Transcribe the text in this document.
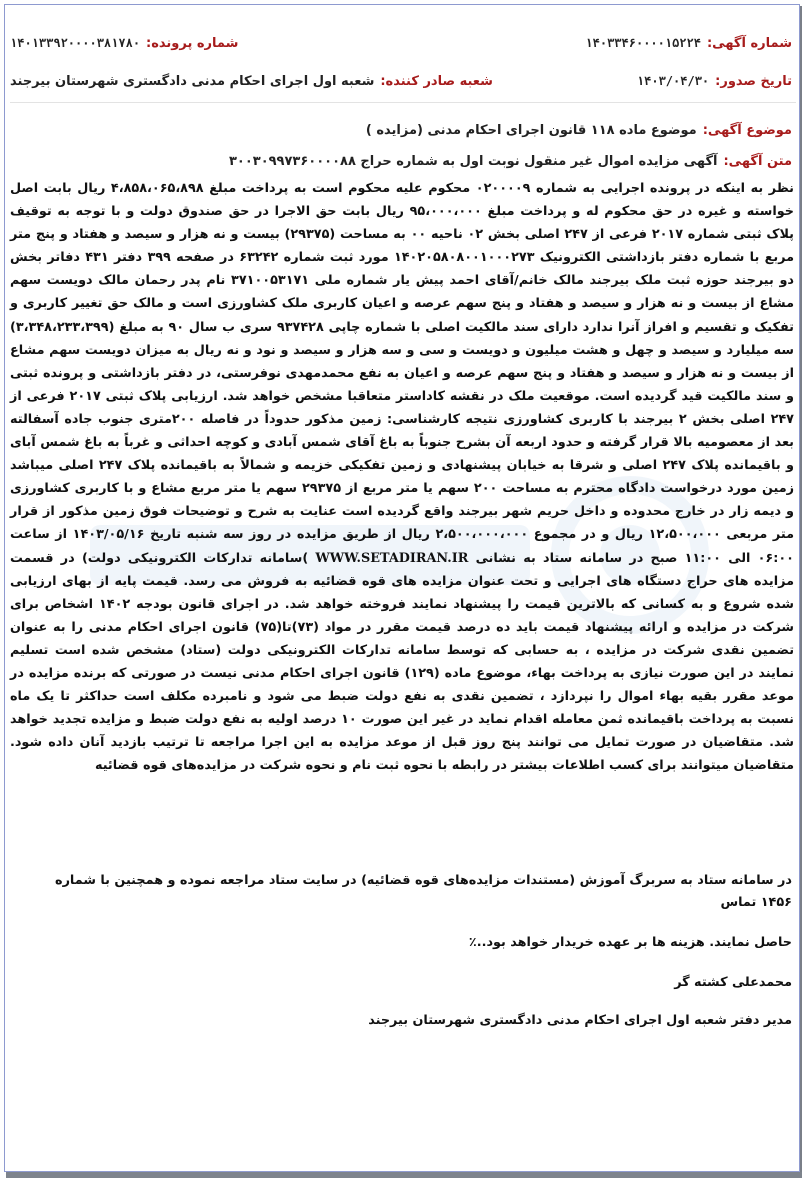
شماره آگهی:
۱۴۰۳۳۴۶۰۰۰۰۱۵۲۲۴
شماره پرونده:
۱۴۰۱۳۳۹۲۰۰۰۰۳۸۱۷۸۰
تاریخ صدور:
۱۴۰۳/۰۴/۳۰
شعبه صادر کننده:
شعبه اول اجرای احکام مدنی دادگستری شهرستان بیرجند
موضوع آگهی:
موضوع ماده ۱۱۸ قانون اجرای احکام مدنی (مزایده )
متن آگهی:
آگهی مزایده اموال غیر منقول نوبت اول به شماره حراج ۳۰۰۳۰۹۹۷۳۶۰۰۰۰۸۸
نظر به اینکه در پرونده اجرایی به شماره ۰۲۰۰۰۰۹ محکوم علیه محکوم است به پرداخت مبلغ ۴،۸۵۸،۰۶۵،۸۹۸ ریال بابت اصل خواسته و غیره در حق محکوم له و پرداخت مبلغ ۹۵،۰۰۰،۰۰۰ ریال بابت حق الاجرا در حق صندوق دولت و با توجه به توقیف پلاک ثبتی شماره ۲۰۱۷ فرعی از ۲۴۷ اصلی بخش ۰۲ ناحیه ۰۰ به مساحت (۲۹۳۷۵) بیست و نه هزار و سیصد و هفتاد و پنج متر مربع با شماره دفتر بازداشتی الکترونیک ۱۴۰۲۰۵۸۰۸۰۰۱۰۰۰۲۷۳ مورد ثبت شماره ۶۳۲۴۲ در صفحه ۳۹۹ دفتر ۴۳۱ دفاتر بخش دو بیرجند حوزه ثبت ملک بیرجند مالک خانم/آقای احمد پیش یار شماره ملی ۳۷۱۰۰۵۳۱۷۱ نام پدر رحمان مالک دویست سهم مشاع از بیست و نه هزار و سیصد و هفتاد و پنج سهم عرصه و اعیان کاربری ملک کشاورزی است و مالک حق تغییر کاربری و تفکیک و تقسیم و افراز آنرا ندارد دارای سند مالکیت اصلی با شماره چاپی ۹۳۷۴۲۸ سری ب سال ۹۰ به مبلغ (۳،۳۴۸،۲۳۳،۳۹۹) سه میلیارد و سیصد و چهل و هشت میلیون و دویست و سی و سه هزار و سیصد و نود و نه ریال به میزان دویست سهم مشاع از بیست و نه هزار و سیصد و هفتاد و پنج سهم عرصه و اعیان به نفع محمدمهدی نوفرستی، در دفتر بازداشتی و پرونده ثبتی و سند مالکیت قید گردیده است. موقعیت ملک در نقشه کاداستر متعاقبا مشخص خواهد شد. ارزیابی پلاک ثبتی ۲۰۱۷ فرعی از ۲۴۷ اصلی بخش ۲ بیرجند با کاربری کشاورزی نتیجه کارشناسی: زمین مذکور حدوداً در فاصله ۲۰۰متری جنوب جاده آسفالته بعد از معصومیه بالا قرار گرفته و حدود اربعه آن بشرح جنوباً به باغ آقای شمس آبادی و کوچه احداثی و غرباً به باغ شمس آبای و باقیمانده پلاک ۲۴۷ اصلی و شرقا به خیابان پیشنهادی و زمین تفکیکی خزیمه و شمالاً به باقیمانده پلاک ۲۴۷ اصلی میباشد زمین مورد درخواست دادگاه محترم به مساحت ۲۰۰ سهم یا متر مربع از ۲۹۳۷۵ سهم یا متر مربع مشاع و با کاربری کشاورزی و دیمه زار در خارج محدوده و داخل حریم شهر بیرجند واقع گردیده است عنایت به شرح و توضیحات فوق زمین مذکور از قرار متر مربعی ۱۲،۵۰۰،۰۰۰ ریال و در مجموع ۲،۵۰۰،۰۰۰،۰۰۰ ریال از طریق مزایده در روز سه شنبه تاریخ ۱۴۰۳/۰۵/۱۶ از ساعت ۰۶:۰۰ الی ۱۱:۰۰ صبح در سامانه ستاد به نشانی WWW.SETADIRAN.IR )سامانه تدارکات الکترونیکی دولت) در قسمت مزایده های حراج دستگاه های اجرایی و تحت عنوان مزایده های قوه قضائیه به فروش می رسد. قیمت پایه از بهای ارزیابی شده شروع و به کسانی که بالاترین قیمت را پیشنهاد نمایند فروخته خواهد شد. در اجرای قانون بودجه ۱۴۰۲ اشخاص برای شرکت در مزایده و ارائه پیشنهاد قیمت باید ده درصد قیمت مقرر در مواد (۷۳)تا(۷۵) قانون اجرای احکام مدنی را به عنوان تضمین نقدی شرکت در مزایده ، به حسابی که توسط سامانه تدارکات الکترونیکی دولت (ستاد) مشخص شده است تسلیم نمایند در این صورت نیازی به پرداخت بهاء، موضوع ماده (۱۲۹) قانون اجرای احکام مدنی نیست در صورتی که برنده مزایده در موعد مقرر بقیه بهاء اموال را نپردازد ، تضمین نقدی به نفع دولت ضبط می شود و نامبرده مکلف است حداکثر تا یک ماه نسبت به پرداخت باقیمانده ثمن معامله اقدام نماید در غیر این صورت ۱۰ درصد اولیه به نفع دولت ضبط و مزایده تجدید خواهد شد. متقاضیان در صورت تمایل می توانند پنج روز قبل از موعد مزایده به این اجرا مراجعه تا ترتیب بازدید آنان داده شود. متقاضیان میتوانند برای کسب اطلاعات بیشتر در رابطه با نحوه ثبت نام و نحوه شرکت در مزایده‌های قوه قضائیه
در سامانه ستاد به سربرگ آموزش (مستندات مزایده‌های قوه قضائیه) در سایت ستاد مراجعه نموده و همچنین با شماره ۱۴۵۶ تماس
حاصل نمایند. هزینه ها بر عهده خریدار خواهد بود..٪
محمدعلی کشته گر
مدیر دفتر شعبه اول اجرای احکام مدنی دادگستری شهرستان بیرجند
